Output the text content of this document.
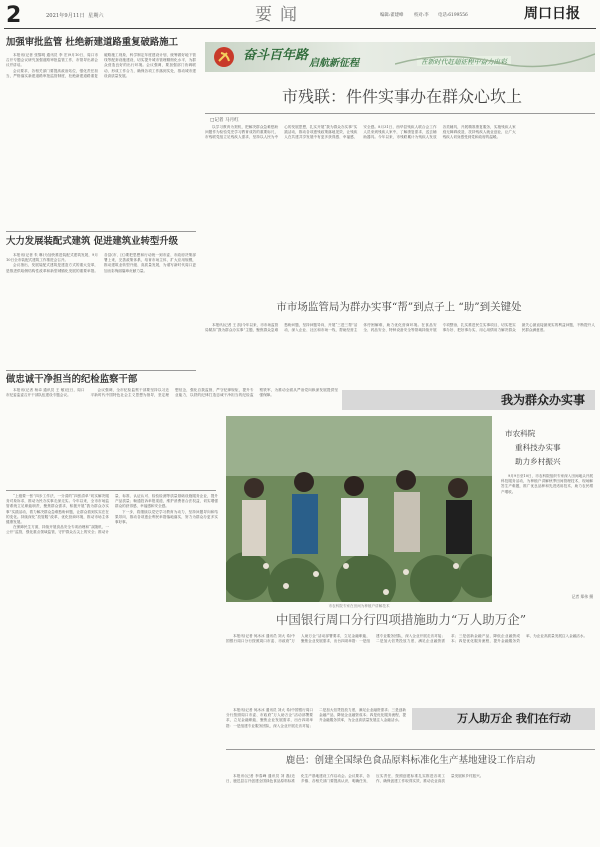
2	2021年9月11日 星期六	要闻	编辑:翟建峰 校对:李 电话:6199556	周口日报
加强审批监管 杜绝新建道路重复破路施工

本报讯(记者 张黎明 通讯员 李 宏)9月10日，周口市召开专题会议研究加强道路审批监管工作，市领导出席会议并讲话。

会议要求，各相关部门要提高政治站位，强化责任担当，严格落实新建道路审批监管制度，杜绝新建道路重复破路施工现象，科学制定年度建设计划，统筹做好地下管线等配套设施建设，切实提升城市管理精细化水平，为群众营造良好的出行环境。会议强调，要加强部门协调联动，形成工作合力，确保各项工作落到实处，推动城市建设高质量发展。

大力发展装配式建筑 促进建筑业转型升级

本报讯(记者 朱 琳)为加快推进装配式建筑发展，9月10日全市装配式建筑工作推进会召开。

会议指出，发展装配式建筑是建造方式的重大变革，是推进供给侧结构性改革和新型城镇化发展的重要举措。各县(市、区)要把思想和行动统一到市委、市政府决策部署上来，完善政策体系，培育市场主体，扩大应用规模，推动建筑业转型升级、高质量发展，为谱写新时代周口更加出彩绚丽篇章贡献力量。

做忠诚干净担当的纪检监察干部

本报讯(记者 杨卓 通讯员 王 敏)近日，周口市纪委监委召开干部队伍建设专题会议。

会议强调，全市纪检监察干部要坚持以习近平新时代中国特色社会主义思想为指导，坚定理想信念，强化自我监督，严守纪律规矩，提升专业能力，以铁的纪律打造忠诚干净担当的纪检监察铁军，为推动全面从严治党向纵深发展提供坚强保障。

奋斗百年路
启航新征程	在新时代赶超征程中奋力出彩
市残联：件件实事办在群众心坎上
□记者 马月红

以学习教育为契机，把解决群众急难愁盼问题作为检验党史学习教育成效的重要标尺，市残联党组立足残疾人需求，坚持以人民为中心的发展思想，扎实开展“我为群众办实事”实践活动，推动各项惠残政策落地见效，让残疾人在共建共享发展中有更多获得感、幸福感、安全感。8月31日，西华县残疾人联合会工作人员来到残疾人家中，了解康复需求，送去辅助器具。今年以来，市残联累计为残疾人发放各类辅具，开展精准康复服务，实施残疾人家庭无障碍改造，扶持残疾人就业创业，让广大残疾人切身感受到党和政府的温暖。

市市场监管局为群办实事“帮”到点子上 “助”到关键处

本报讯(记者 王 凯)今年以来，市市场监管局紧扣“我为群众办实事”主题，聚焦群众急难愁盼问题，坚持问题导向，开展“三进三帮”活动，深入企业、社区和市场一线，帮助经营主体纾困解难，助力优化营商环境。在食品安全、药品安全、特种设备安全等领域持续开展专项整治，扎实推进民生实事项目，切实把实事办好、把好事办实，用心用情用力解决群众最关心最直接最现实的利益问题，不断提升人民群众满意度。

我为群众办实事
市农科院专家在田间为种植户讲解技术
市农科院
重科技办实事
助力乡村振兴

9月9日至10日，市农科院组织专家深入田间地头开展科技服务活动，为种植户讲解秋季田间管理技术，现场解答生产难题，推广优良品种和先进适用技术，助力农民增产增收。

记者 郑伟 摄

“上级要一张”四步工作法，一分清的“四张清单”切实解决服务对象诉求，推动为民办实事走深走实。今年以来，全市市场监管系统立足职能职责，聚焦群众需求，积极开展“我为群众办实事”实践活动，着力解决群众急难愁盼问题，让群众看到实实在在的变化。持续深化“放管服”改革，优化营商环境，推动市场主体健康发展。

在保障民生方面，持续开展食品安全专项治理和“双随机、一公开”监管，强化重点领域监管，守护群众舌尖上的安全；推动计量、标准、认证认可、检验检测等质量基础设施服务企业，提升产品质量；畅通投诉举报渠道，维护消费者合法权益，切实增强群众的获得感、幸福感和安全感。

下一步，将继续以党史学习教育为动力，坚持问题导向和结果导向，推动各项惠企利民举措落地落实，努力为群众办更多实事好事。

中国银行周口分行四项措施助力“万人助万企”

本报讯(记者 何冰冰 通讯员 刘大 希)中国银行周口分行按照周口市委、市政府“万人助万企”活动部署要求，立足金融职能，聚焦企业发展需求，出台四项举措：一是组建专业服务团队，深入企业开展走访对接；二是加大信贷投放力度，满足企业融资需求；三是创新金融产品，降低企业融资成本；四是优化服务流程，提升金融服务效率，为企业高质量发展注入金融活水。

万人助万企 我们在行动

本报讯(记者 何冰冰 通讯员 刘大 希)中国银行周口分行按照周口市委、市政府“万人助万企”活动部署要求，立足金融职能，聚焦企业发展需求，出台四项举措：一是组建专业服务团队，深入企业开展走访对接；二是加大信贷投放力度，满足企业融资需求；三是创新金融产品，降低企业融资成本；四是优化服务流程，提升金融服务效率，为企业高质量发展注入金融活水。

鹿邑：创建全国绿色食品原料标准化生产基地建设工作启动

本报讯(记者 李春峰 通讯员 刘 磊)近日，鹿邑县召开创建全国绿色食品原料标准化生产基地建设工作启动会。会议要求，各乡镇、各相关部门要提高认识，明确任务，压实责任，按照创建标准扎实推进各项工作，确保创建工作取得实效，推动农业高质量发展和乡村振兴。
